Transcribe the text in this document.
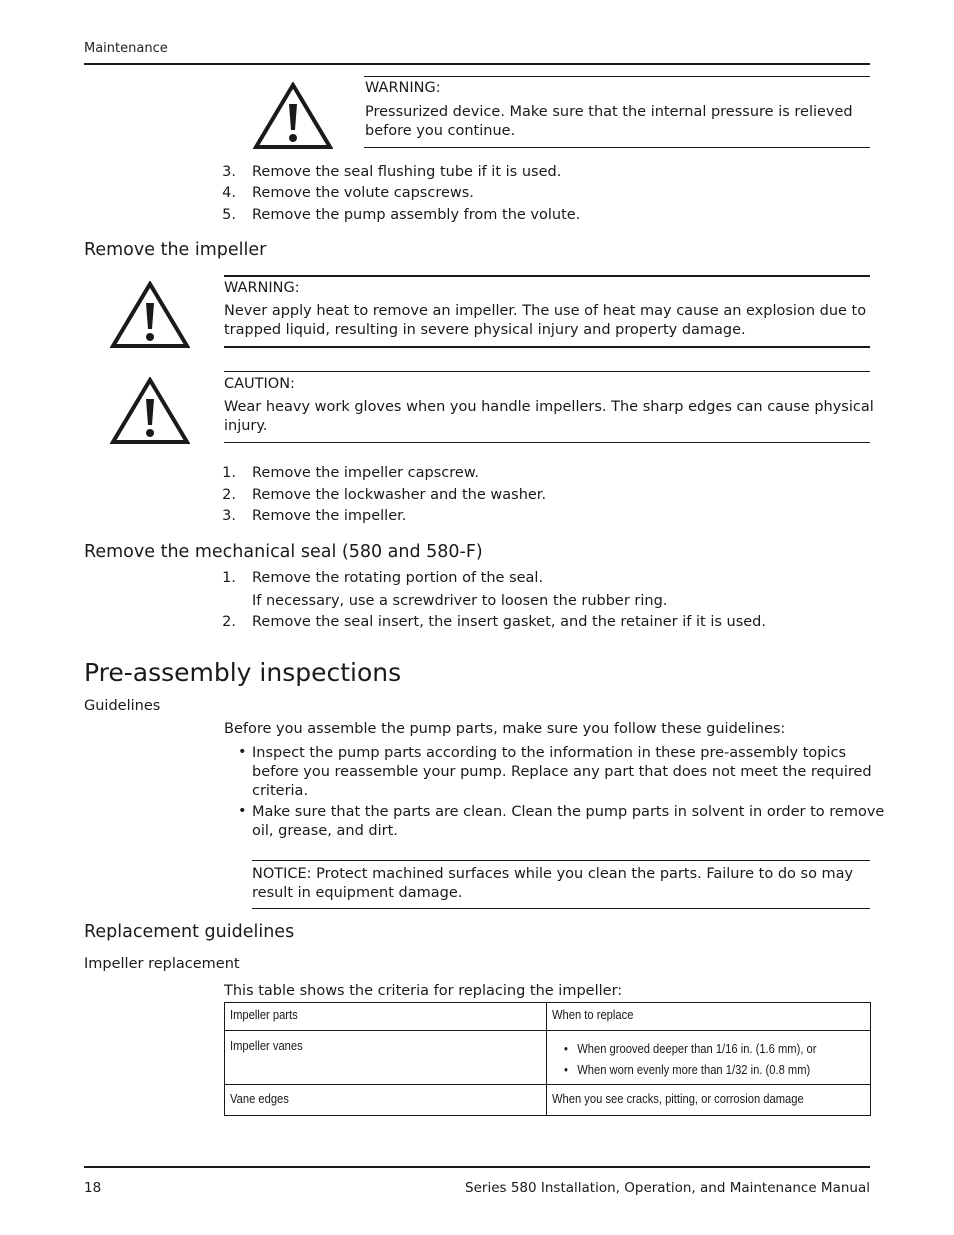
Maintenance
WARNING:
Pressurized device. Make sure that the internal pressure is relieved
before you continue.
3. Remove the seal flushing tube if it is used.
4. Remove the volute capscrews.
5. Remove the pump assembly from the volute.
Remove the impeller
WARNING:
Never apply heat to remove an impeller. The use of heat may cause an explosion due to
trapped liquid, resulting in severe physical injury and property damage.
CAUTION:
Wear heavy work gloves when you handle impellers. The sharp edges can cause physical
injury.
1. Remove the impeller capscrew.
2. Remove the lockwasher and the washer.
3. Remove the impeller.
Remove the mechanical seal (580 and 580-F)
1. Remove the rotating portion of the seal.
If necessary, use a screwdriver to loosen the rubber ring.
2. Remove the seal insert, the insert gasket, and the retainer if it is used.
Pre-assembly inspections
Guidelines
Before you assemble the pump parts, make sure you follow these guidelines:
• Inspect the pump parts according to the information in these pre-assembly topics
before you reassemble your pump. Replace any part that does not meet the required
criteria.
• Make sure that the parts are clean. Clean the pump parts in solvent in order to remove
oil, grease, and dirt.
NOTICE: Protect machined surfaces while you clean the parts. Failure to do so may
result in equipment damage.
Replacement guidelines
Impeller replacement
This table shows the criteria for replacing the impeller:
Impeller parts	When to replace
Impeller vanes	•   When grooved deeper than 1/16 in. (1.6 mm), or
•   When worn evenly more than 1/32 in. (0.8 mm)

Vane edges	When you see cracks, pitting, or corrosion damage
18	Series 580 Installation, Operation, and Maintenance Manual
